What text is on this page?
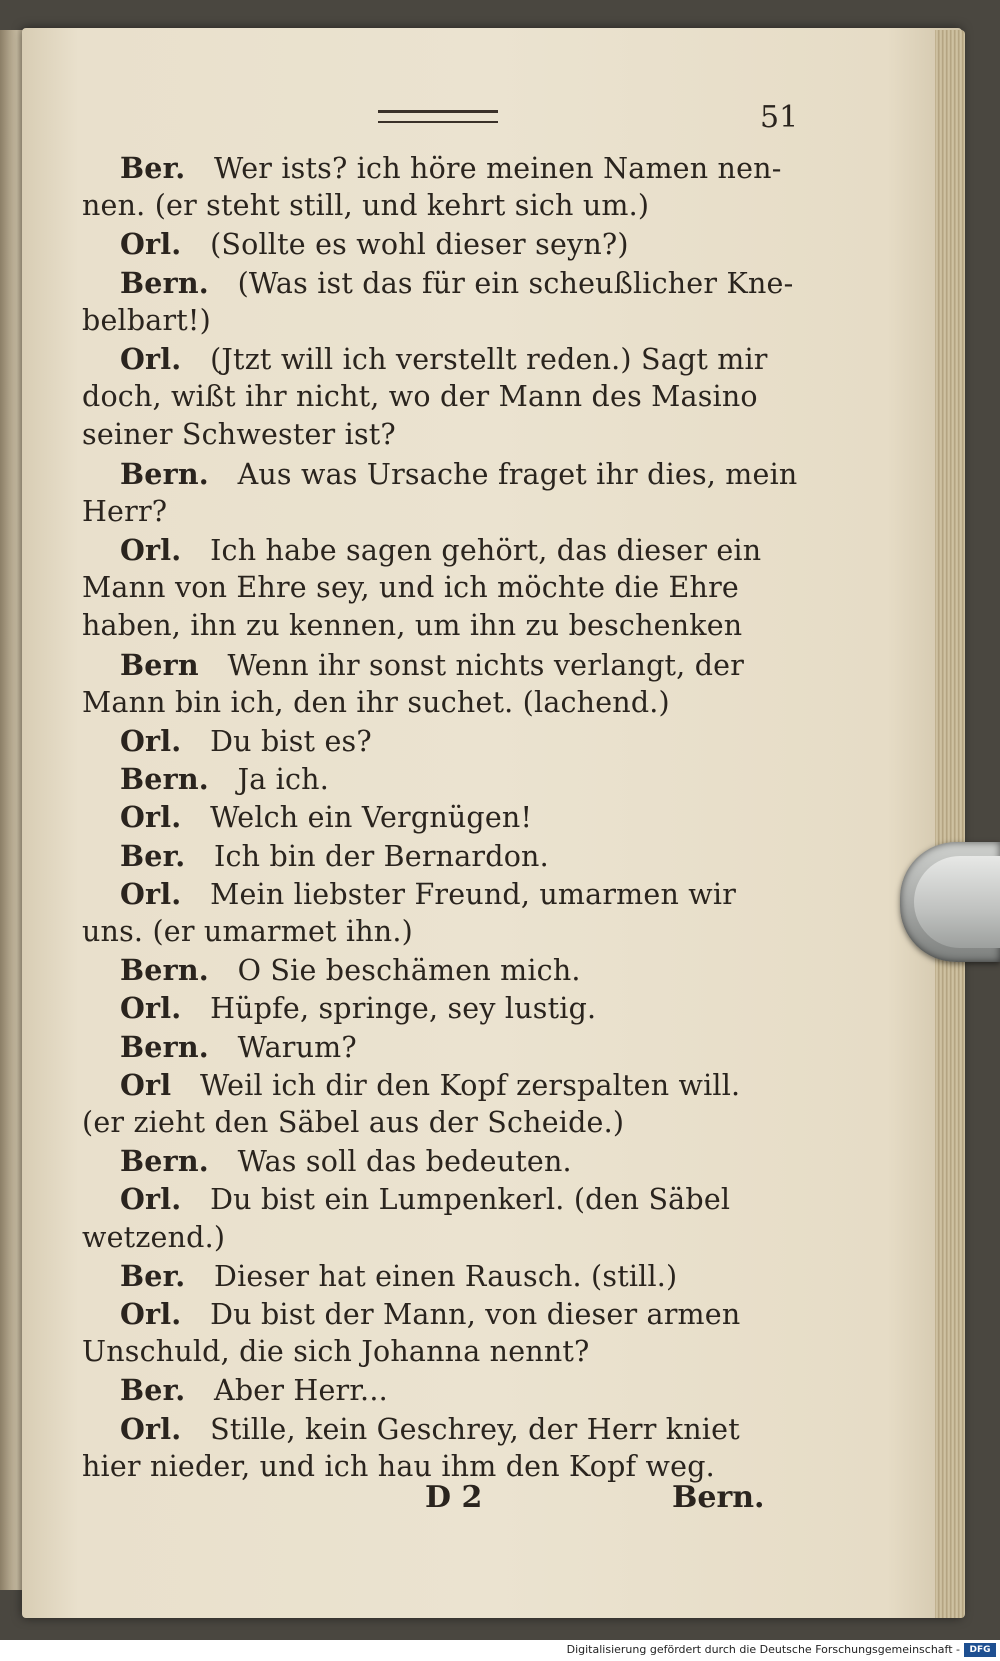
51
Ber.  Wer ists? ich höre meinen Namen nen-
nen. (er steht still, und kehrt sich um.)
Orl.  (Sollte es wohl dieser seyn?)
Bern.  (Was ist das für ein scheußlicher Kne-
belbart!)
Orl.  (Jtzt will ich verstellt reden.) Sagt mir
doch, wißt ihr nicht, wo der Mann des Masino
seiner Schwester ist?
Bern.  Aus was Ursache fraget ihr dies, mein
Herr?
Orl.  Ich habe sagen gehört, das dieser ein
Mann von Ehre sey, und ich möchte die Ehre
haben, ihn zu kennen, um ihn zu beschenken
Bern  Wenn ihr sonst nichts verlangt, der
Mann bin ich, den ihr suchet. (lachend.)
Orl.  Du bist es?
Bern.  Ja ich.
Orl.  Welch ein Vergnügen!
Ber.  Ich bin der Bernardon.
Orl.  Mein liebster Freund, umarmen wir
uns. (er umarmet ihn.)
Bern.  O Sie beschämen mich.
Orl.  Hüpfe, springe, sey lustig.
Bern.  Warum?
Orl  Weil ich dir den Kopf zerspalten will.
(er zieht den Säbel aus der Scheide.)
Bern.  Was soll das bedeuten.
Orl.  Du bist ein Lumpenkerl. (den Säbel
wetzend.)
Ber.  Dieser hat einen Rausch. (still.)
Orl.  Du bist der Mann, von dieser armen
Unschuld, die sich Johanna nennt?
Ber.  Aber Herr...
Orl.  Stille, kein Geschrey, der Herr kniet
hier nieder, und ich hau ihm den Kopf weg.
D 2	Bern.
Digitalisierung gefördert durch die Deutsche Forschungsgemeinschaft -	DFG
